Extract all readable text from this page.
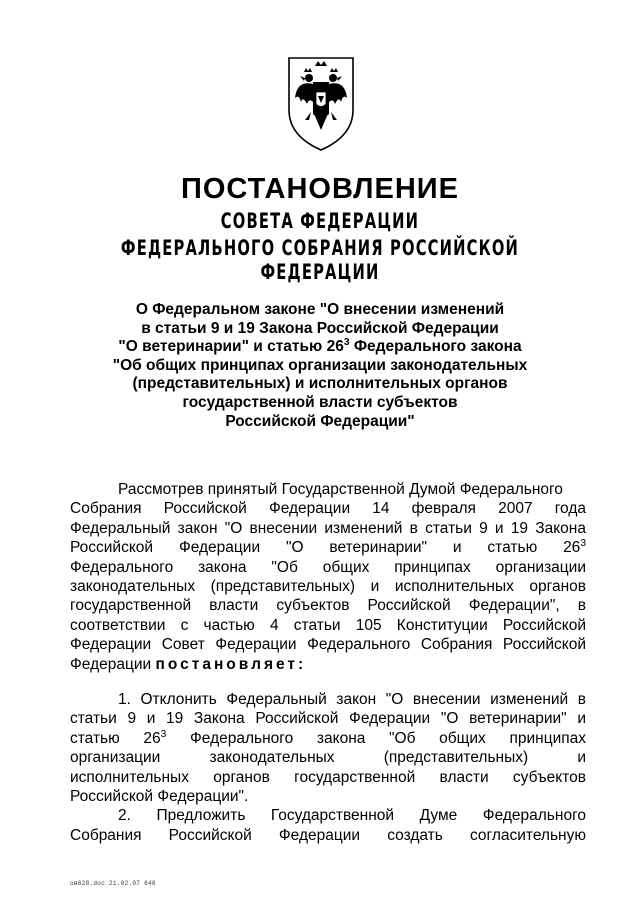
ПОСТАНОВЛЕНИЕ
СОВЕТА ФЕДЕРАЦИИ
ФЕДЕРАЛЬНОГО СОБРАНИЯ РОССИЙСКОЙ ФЕДЕРАЦИИ
О Федеральном законе "О внесении изменений
в статьи 9 и 19 Закона Российской Федерации
"О ветеринарии" и статью $26^3$ Федерального закона
"Об общих принципах организации законодательных
(представительных) и исполнительных органов
государственной власти субъектов
Российской Федерации"
Рассмотрев принятый Государственной Думой Федерального
Собрания Российской Федерации 14 февраля 2007 года
Федеральный закон "О внесении изменений в статьи 9 и 19 Закона
Российской Федерации "О ветеринарии" и статью $26^3$
Федерального закона "Об общих принципах организации
законодательных (представительных) и исполнительных органов
государственной власти субъектов Российской Федерации", в
соответствии с частью 4 статьи 105 Конституции Российской
Федерации Совет Федерации Федерального Собрания Российской
Федерации постановляет:
1. Отклонить Федеральный закон "О внесении изменений в
статьи 9 и 19 Закона Российской Федерации "О ветеринарии" и
статью $26^3$ Федерального закона "Об общих принципах
организации законодательных (представительных) и
исполнительных органов государственной власти субъектов
Российской Федерации".
2. Предложить Государственной Думе Федерального
Собрания Российской Федерации создать согласительную
ов628.doc 21.02.07 648
